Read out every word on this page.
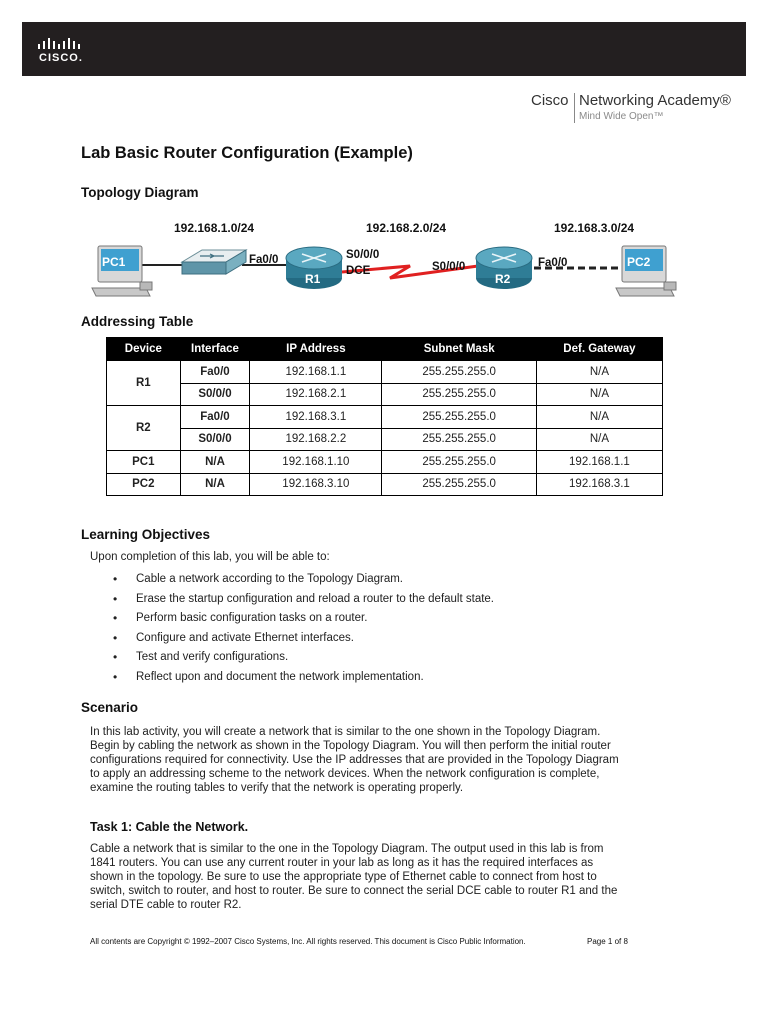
CISCO.
Cisco Networking Academy®
Mind Wide Open™
Lab Basic Router Configuration (Example)
Topology Diagram
192.168.1.0/24	192.168.2.0/24	192.168.3.0/24
PC1
R1	R2
PC2
Fa0/0	S0/0/0
DCE	S0/0/0	Fa0/0
Addressing Table
Device	Interface	IP Address	Subnet Mask	Def. Gateway
R1	Fa0/0	192.168.1.1	255.255.255.0	N/A
	S0/0/0	192.168.2.1	255.255.255.0	N/A
R2	Fa0/0	192.168.3.1	255.255.255.0	N/A
	S0/0/0	192.168.2.2	255.255.255.0	N/A
PC1	N/A	192.168.1.10	255.255.255.0	192.168.1.1
PC2	N/A	192.168.3.10	255.255.255.0	192.168.3.1
Learning Objectives
Upon completion of this lab, you will be able to:
• Cable a network according to the Topology Diagram.
• Erase the startup configuration and reload a router to the default state.
• Perform basic configuration tasks on a router.
• Configure and activate Ethernet interfaces.
• Test and verify configurations.
• Reflect upon and document the network implementation.
Scenario
In this lab activity, you will create a network that is similar to the one shown in the Topology Diagram.
Begin by cabling the network as shown in the Topology Diagram. You will then perform the initial router
configurations required for connectivity. Use the IP addresses that are provided in the Topology Diagram
to apply an addressing scheme to the network devices. When the network configuration is complete,
examine the routing tables to verify that the network is operating properly.
Task 1: Cable the Network.
Cable a network that is similar to the one in the Topology Diagram. The output used in this lab is from
1841 routers. You can use any current router in your lab as long as it has the required interfaces as
shown in the topology. Be sure to use the appropriate type of Ethernet cable to connect from host to
switch, switch to router, and host to router. Be sure to connect the serial DCE cable to router R1 and the
serial DTE cable to router R2.
All contents are Copyright © 1992–2007 Cisco Systems, Inc. All rights reserved. This document is Cisco Public Information.	Page 1 of 8
